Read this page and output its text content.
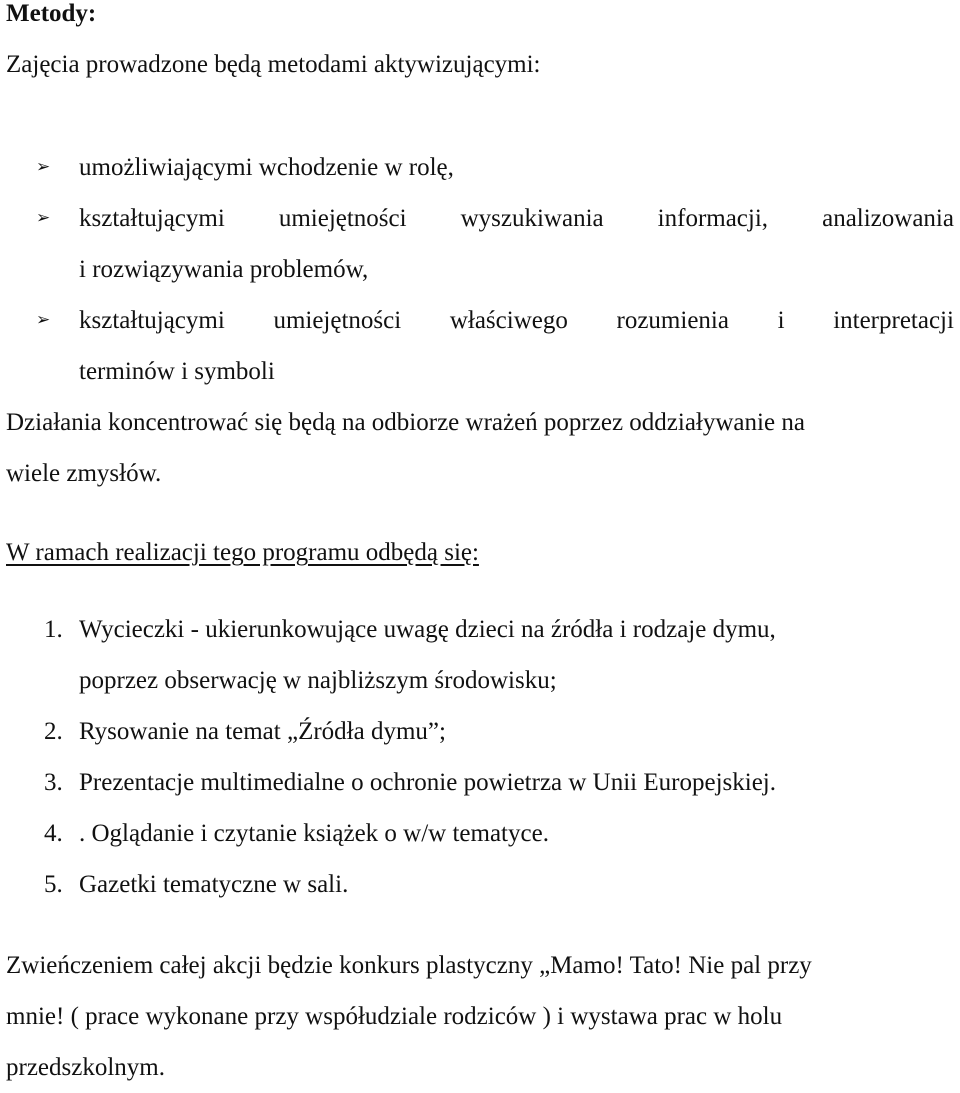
Metody:
Zajęcia prowadzone będą metodami aktywizującymi:
➢ umożliwiającymi wchodzenie w rolę,
➢ kształtującymi umiejętności wyszukiwania informacji, analizowania
i rozwiązywania problemów,
➢ kształtującymi umiejętności właściwego rozumienia i interpretacji
terminów i symboli
Działania koncentrować się będą na odbiorze wrażeń poprzez oddziaływanie na
wiele zmysłów.
W ramach realizacji tego programu odbędą się:
1. Wycieczki - ukierunkowujące uwagę dzieci na źródła i rodzaje dymu,
poprzez obserwację w najbliższym środowisku;
2. Rysowanie na temat „Źródła dymu”;
3. Prezentacje multimedialne o ochronie powietrza w Unii Europejskiej.
4. . Oglądanie i czytanie książek o w/w tematyce.
5. Gazetki tematyczne w sali.
Zwieńczeniem całej akcji będzie konkurs plastyczny „Mamo! Tato! Nie pal przy
mnie! ( prace wykonane przy współudziale rodziców ) i wystawa prac w holu
przedszkolnym.
